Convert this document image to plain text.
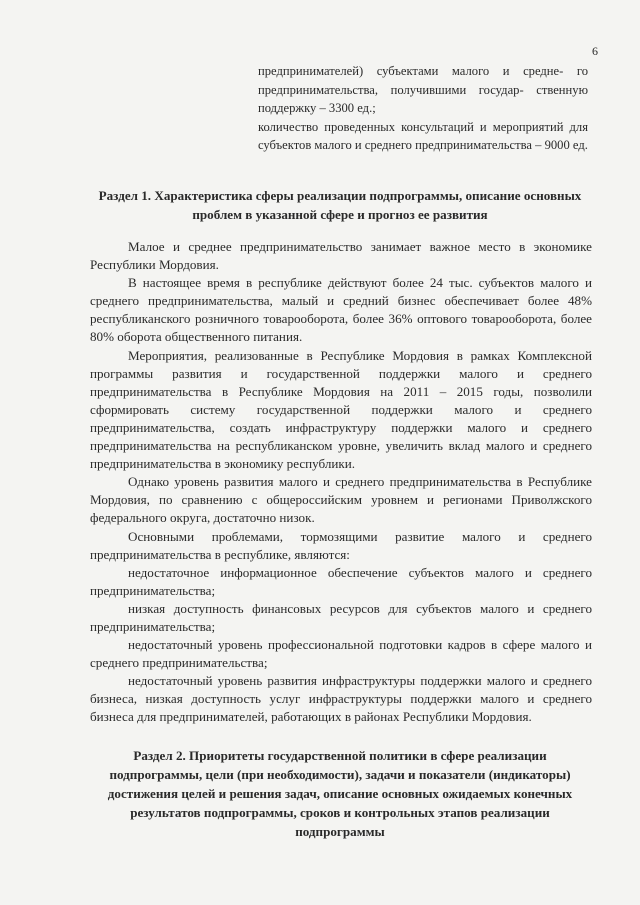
6

предпринимателей) субъектами малого и средне- го предпринимательства, получившими государ- ственную поддержку – 3300 ед.;

количество проведенных консультаций и мероприятий для субъектов малого и среднего предпринимательства – 9000 ед.

Раздел 1. Характеристика сферы реализации подпрограммы, описание основных проблем в указанной сфере и прогноз ее развития

Малое и среднее предпринимательство занимает важное место в экономике Республики Мордовия.

В настоящее время в республике действуют более 24 тыс. субъектов малого и среднего предпринимательства, малый и средний бизнес обеспечивает более 48% республиканского розничного товарооборота, более 36% оптового товарооборота, более 80% оборота общественного питания.

Мероприятия, реализованные в Республике Мордовия в рамках Комплексной программы развития и государственной поддержки малого и среднего предпринимательства в Республике Мордовия на 2011 – 2015 годы, позволили сформировать систему государственной поддержки малого и среднего предпринимательства, создать инфраструктуру поддержки малого и среднего предпринимательства на республиканском уровне, увеличить вклад малого и среднего предпринимательства в экономику республики.

Однако уровень развития малого и среднего предпринимательства в Республике Мордовия, по сравнению с общероссийским уровнем и регионами Приволжского федерального округа, достаточно низок.

Основными проблемами, тормозящими развитие малого и среднего предпринимательства в республике, являются:

недостаточное информационное обеспечение субъектов малого и среднего предпринимательства;

низкая доступность финансовых ресурсов для субъектов малого и среднего предпринимательства;

недостаточный уровень профессиональной подготовки кадров в сфере малого и среднего предпринимательства;

недостаточный уровень развития инфраструктуры поддержки малого и среднего бизнеса, низкая доступность услуг инфраструктуры поддержки малого и среднего бизнеса для предпринимателей, работающих в районах Республики Мордовия.

Раздел 2. Приоритеты государственной политики в сфере реализации подпрограммы, цели (при необходимости), задачи и показатели (индикаторы) достижения целей и решения задач, описание основных ожидаемых конечных результатов подпрограммы, сроков и контрольных этапов реализации подпрограммы
